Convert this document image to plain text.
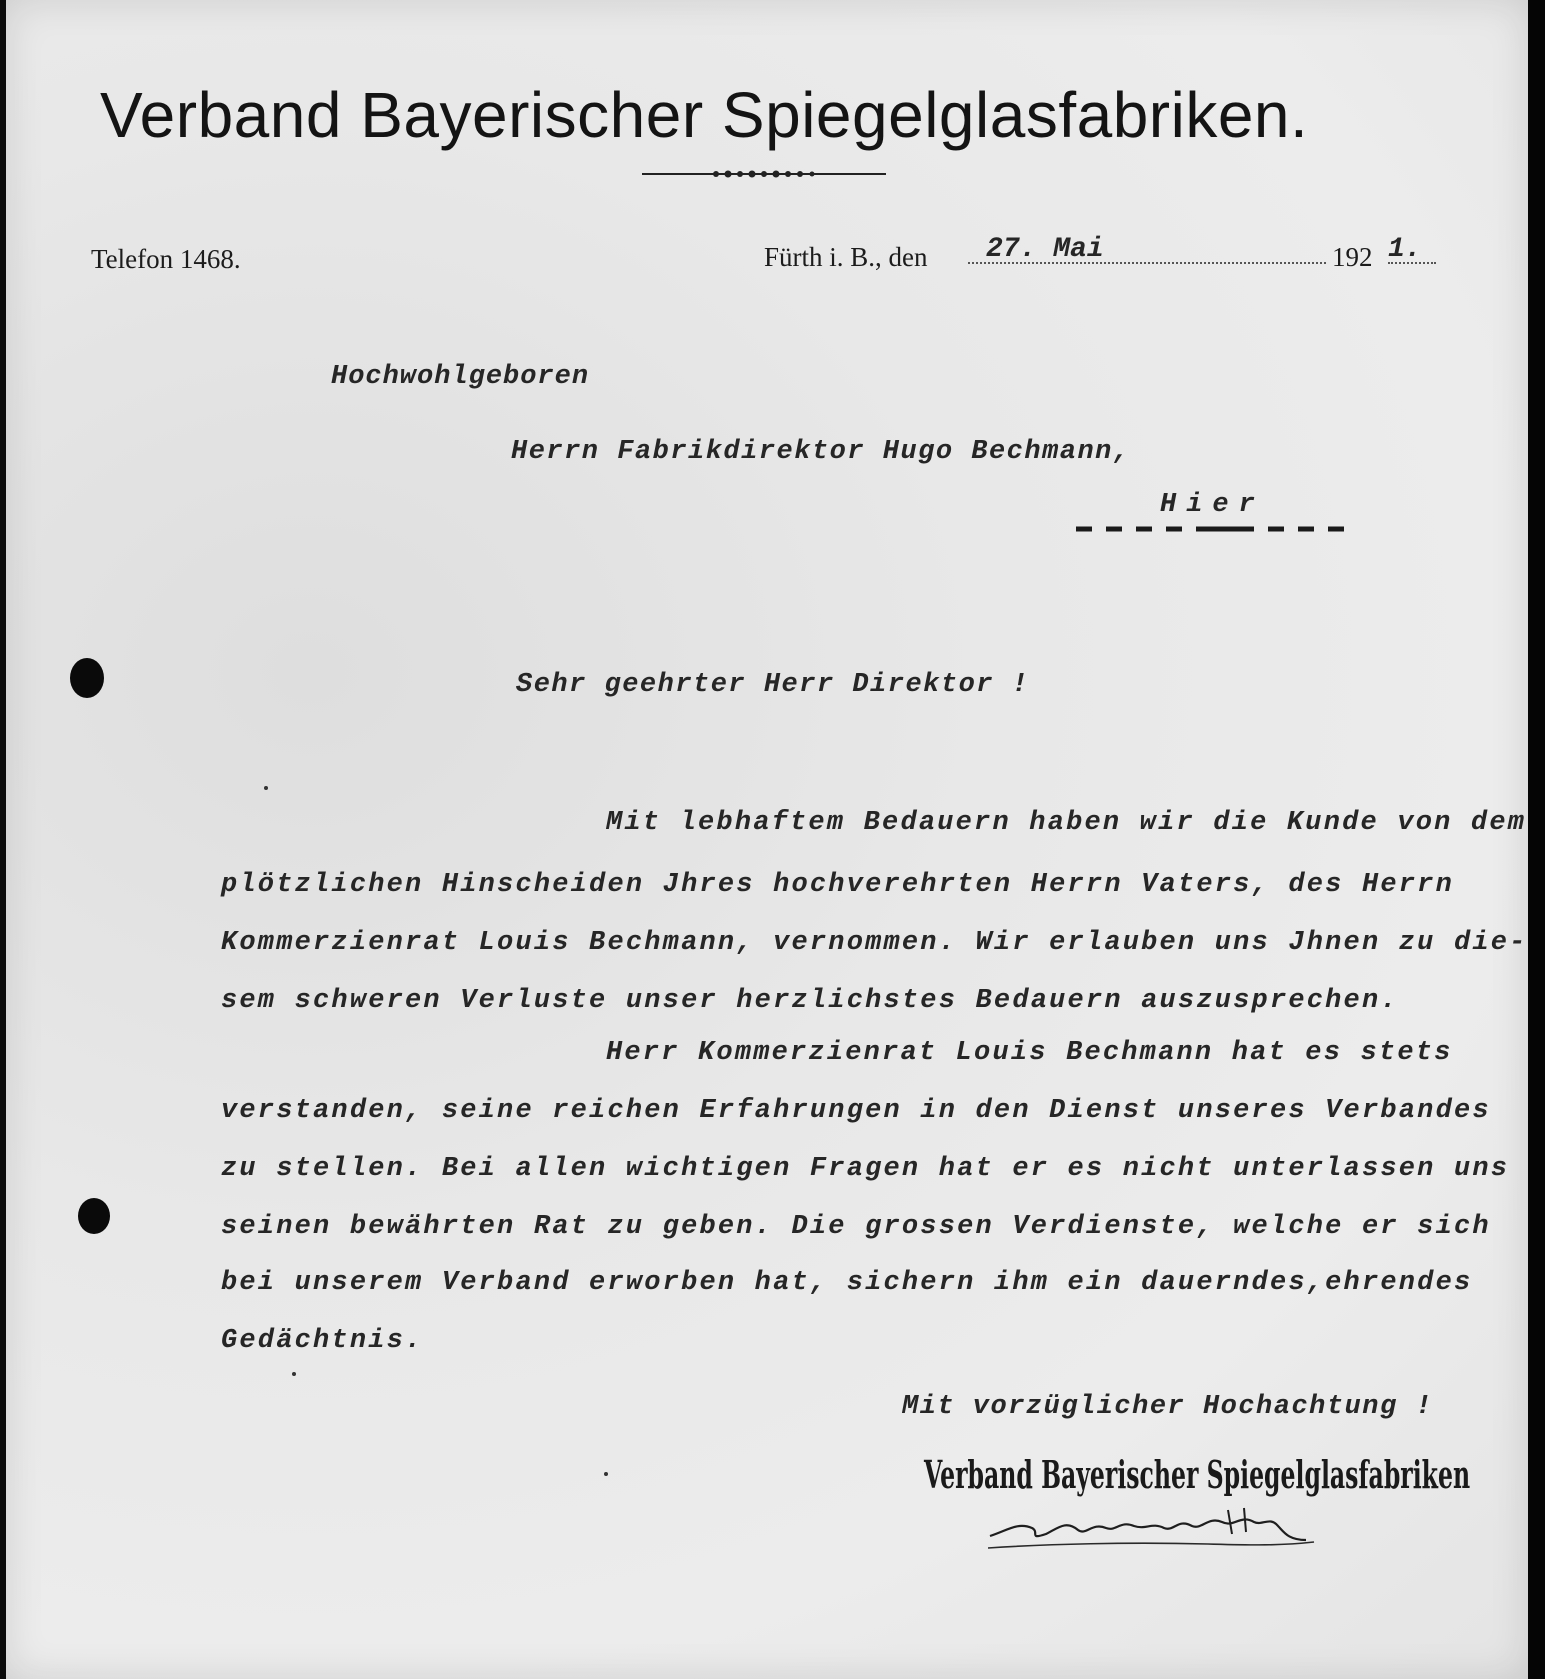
Verband Bayerischer Spiegelglasfabriken.
Telefon 1468.	Fürth i. B., den	192
27. Mai	1.
Hochwohlgeboren
Herrn Fabrikdirektor Hugo Bechmann,
Hier
Sehr geehrter Herr Direktor !
Mit lebhaftem Bedauern haben wir die Kunde von dem
plötzlichen Hinscheiden Jhres hochverehrten Herrn Vaters, des Herrn
Kommerzienrat Louis Bechmann, vernommen. Wir erlauben uns Jhnen zu die-
sem schweren Verluste unser herzlichstes Bedauern auszusprechen.
Herr Kommerzienrat Louis Bechmann hat es stets
verstanden, seine reichen Erfahrungen in den Dienst unseres Verbandes
zu stellen. Bei allen wichtigen Fragen hat er es nicht unterlassen uns
seinen bewährten Rat zu geben. Die grossen Verdienste, welche er sich
bei unserem Verband erworben hat, sichern ihm ein dauerndes,ehrendes
Gedächtnis.
Mit vorzüglicher Hochachtung !
Verband Bayerischer Spiegelglasfabriken
